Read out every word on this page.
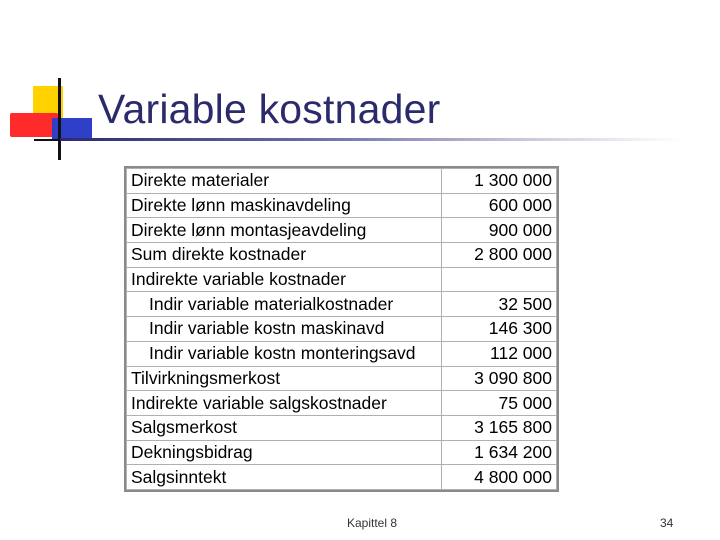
Variable kostnader
Direkte materialer	1 300 000
Direkte lønn maskinavdeling	600 000
Direkte lønn montasjeavdeling	900 000
Sum direkte kostnader	2 800 000
Indirekte variable kostnader	
Indir variable materialkostnader	32 500
Indir variable kostn maskinavd	146 300
Indir variable kostn monteringsavd	112 000
Tilvirkningsmerkost	3 090 800
Indirekte variable salgskostnader	75 000
Salgsmerkost	3 165 800
Dekningsbidrag	1 634 200
Salgsinntekt	4 800 000
Kapittel 8	34
